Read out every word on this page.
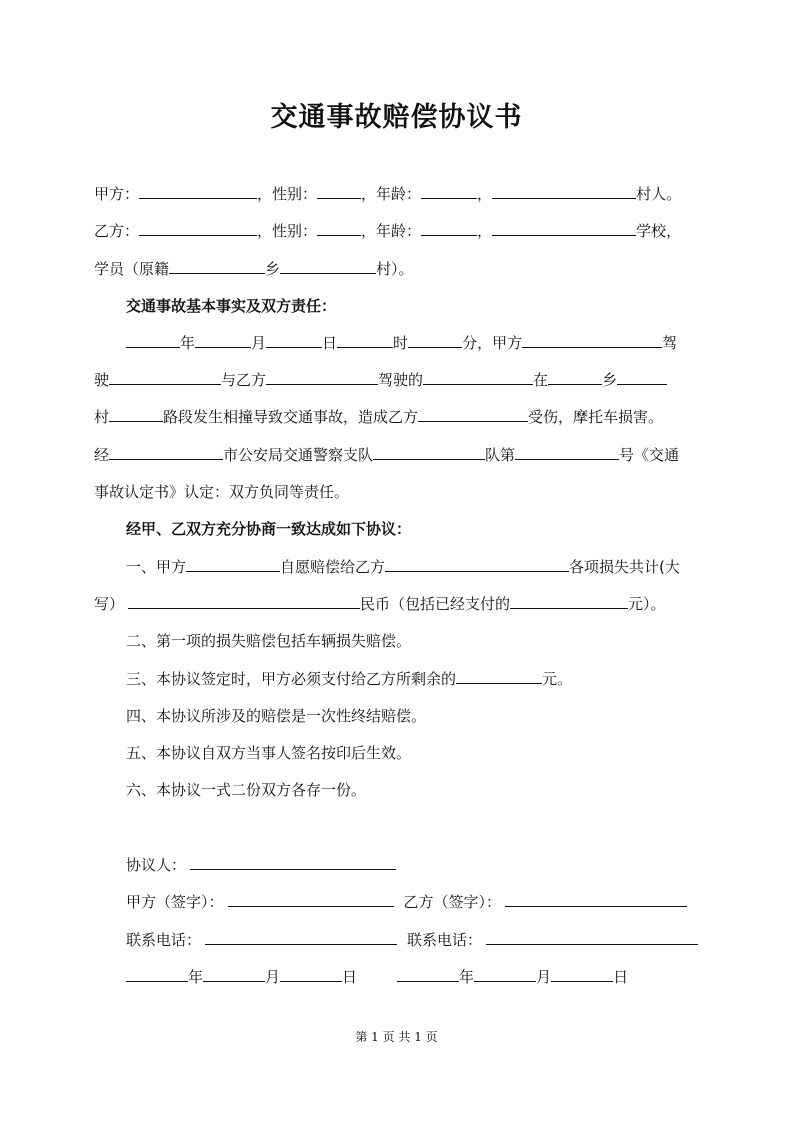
交通事故赔偿协议书
甲方：	，性别：	，年龄：	，	村人。
乙方：	，性别：	，年龄：	，	学校，
学员（原籍	乡	村）。
交通事故基本事实及双方责任：
年	月	日	时	分，甲方	驾
驶	与乙方	驾驶的	在	乡
村	路段发生相撞导致交通事故，造成乙方	受伤，摩托车损害。
经	市公安局交通警察支队	队第	号《交通
事故认定书》认定：双方负同等责任。
经甲、乙双方充分协商一致达成如下协议：
一、甲方	自愿赔偿给乙方	各项损失共计(大
写）	民币（包括已经支付的	元）。
二、第一项的损失赔偿包括车辆损失赔偿。
三、本协议签定时，甲方必须支付给乙方所剩余的	元。
四、本协议所涉及的赔偿是一次性终结赔偿。
五、本协议自双方当事人签名按印后生效。
六、本协议一式二份双方各存一份。
协议人：
甲方（签字）：	乙方（签字）：
联系电话：	联系电话：
年	月	日	年	月	日
第 1 页 共 1 页
